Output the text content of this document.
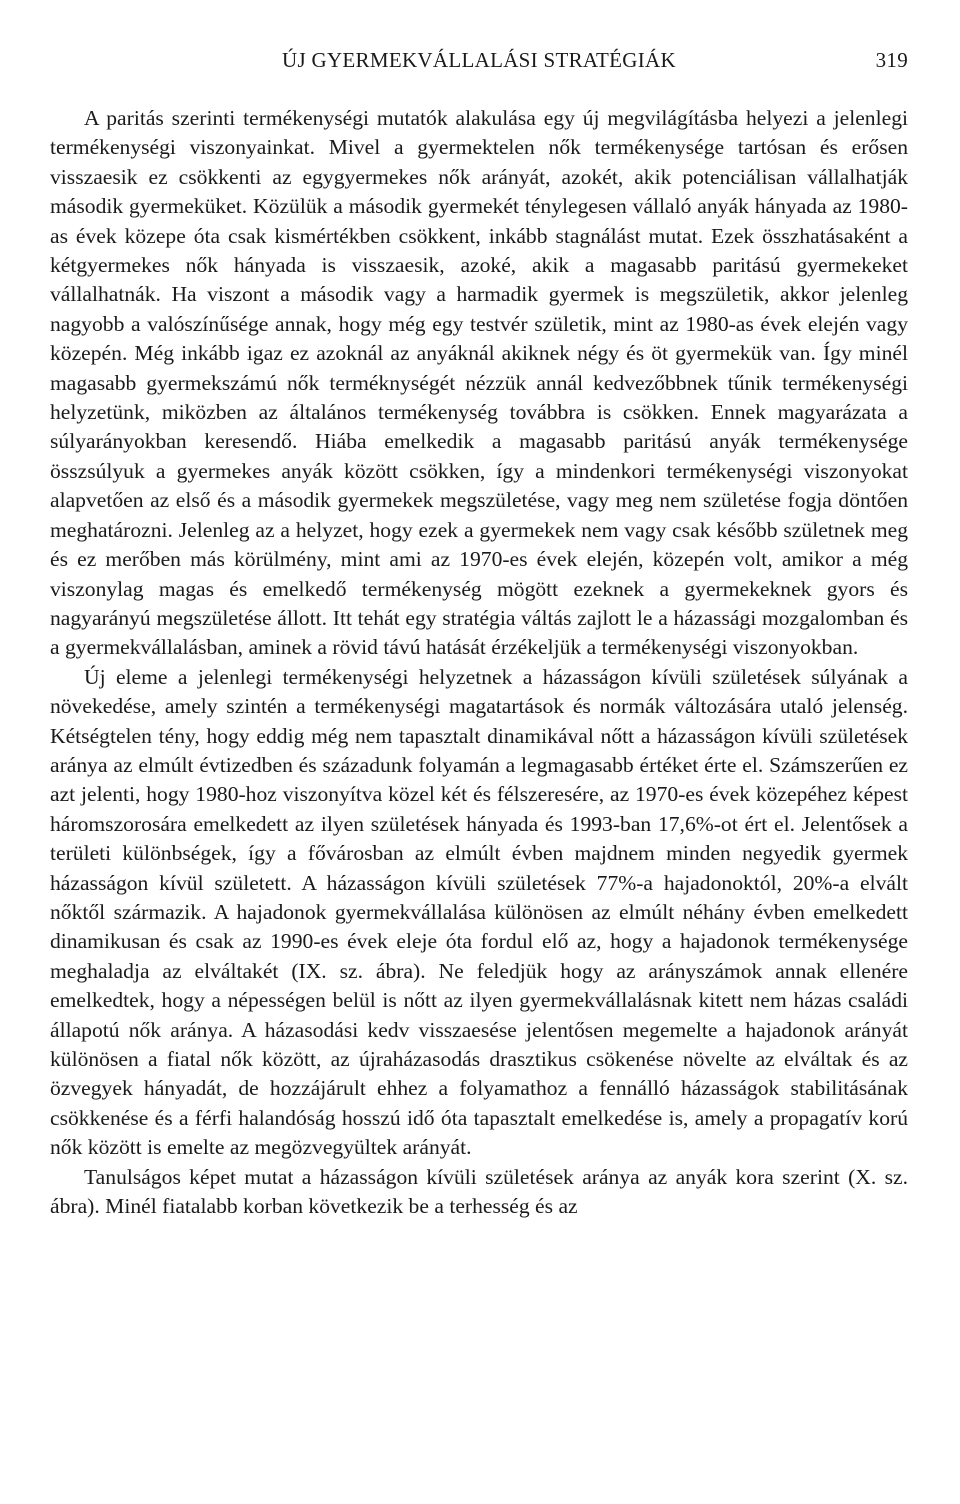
ÚJ GYERMEKVÁLLALÁSI STRATÉGIÁK	319

A paritás szerinti termékenységi mutatók alakulása egy új megvilágításba helyezi a jelenlegi termékenységi viszonyainkat. Mivel a gyermektelen nők termékenysége tartósan és erősen visszaesik ez csökkenti az egygyermekes nők arányát, azokét, akik potenciálisan vállalhatják második gyermeküket. Közülük a második gyermekét ténylegesen vállaló anyák hányada az 1980-as évek közepe óta csak kismértékben csökkent, inkább stagnálást mutat. Ezek összhatásaként a kétgyermekes nők hányada is visszaesik, azoké, akik a magasabb paritású gyermekeket vállalhatnák. Ha viszont a második vagy a harmadik gyermek is megszületik, akkor jelenleg nagyobb a valószínűsége annak, hogy még egy testvér születik, mint az 1980-as évek elején vagy közepén. Még inkább igaz ez azoknál az anyáknál akiknek négy és öt gyermekük van. Így minél magasabb gyermekszámú nők terméknységét nézzük annál kedvezőbbnek tűnik termékenységi helyzetünk, miközben az általános termékenység továbbra is csökken. Ennek magyarázata a súlyarányokban keresendő. Hiába emelkedik a magasabb paritású anyák termékenysége összsúlyuk a gyermekes anyák között csökken, így a mindenkori termékenységi viszonyokat alapvetően az első és a második gyermekek megszületése, vagy meg nem születése fogja döntően meghatározni. Jelenleg az a helyzet, hogy ezek a gyermekek nem vagy csak később születnek meg és ez merőben más körülmény, mint ami az 1970-es évek elején, közepén volt, amikor a még viszonylag magas és emelkedő termékenység mögött ezeknek a gyermekeknek gyors és nagyarányú megszületése állott. Itt tehát egy stratégia váltás zajlott le a házassági mozgalomban és a gyermekvállalásban, aminek a rövid távú hatását érzékeljük a termékenységi viszonyokban.

Új eleme a jelenlegi termékenységi helyzetnek a házasságon kívüli születések súlyának a növekedése, amely szintén a termékenységi magatartások és normák változására utaló jelenség. Kétségtelen tény, hogy eddig még nem tapasztalt dinamikával nőtt a házasságon kívüli születések aránya az elmúlt évtizedben és századunk folyamán a legmagasabb értéket érte el. Számszerűen ez azt jelenti, hogy 1980-hoz viszonyítva közel két és félszeresére, az 1970-es évek közepéhez képest háromszorosára emelkedett az ilyen születések hányada és 1993-ban 17,6%-ot ért el. Jelentősek a területi különbségek, így a fővárosban az elmúlt évben majdnem minden negyedik gyermek házasságon kívül született. A házasságon kívüli születések 77%-a hajadonoktól, 20%-a elvált nőktől származik. A hajadonok gyermekvállalása különösen az elmúlt néhány évben emelkedett dinamikusan és csak az 1990-es évek eleje óta fordul elő az, hogy a hajadonok termékenysége meghaladja az elváltakét (IX. sz. ábra). Ne feledjük hogy az arányszámok annak ellenére emelkedtek, hogy a népességen belül is nőtt az ilyen gyermekvállalásnak kitett nem házas családi állapotú nők aránya. A házasodási kedv visszaesése jelentősen megemelte a hajadonok arányát különösen a fiatal nők között, az újraházasodás drasztikus csökenése növelte az elváltak és az özvegyek hányadát, de hozzájárult ehhez a folyamathoz a fennálló házasságok stabilitásának csökkenése és a férfi halandóság hosszú idő óta tapasztalt emelkedése is, amely a propagatív korú nők között is emelte az megözvegyültek arányát.

Tanulságos képet mutat a házasságon kívüli születések aránya az anyák kora szerint (X. sz. ábra). Minél fiatalabb korban következik be a terhesség és az
